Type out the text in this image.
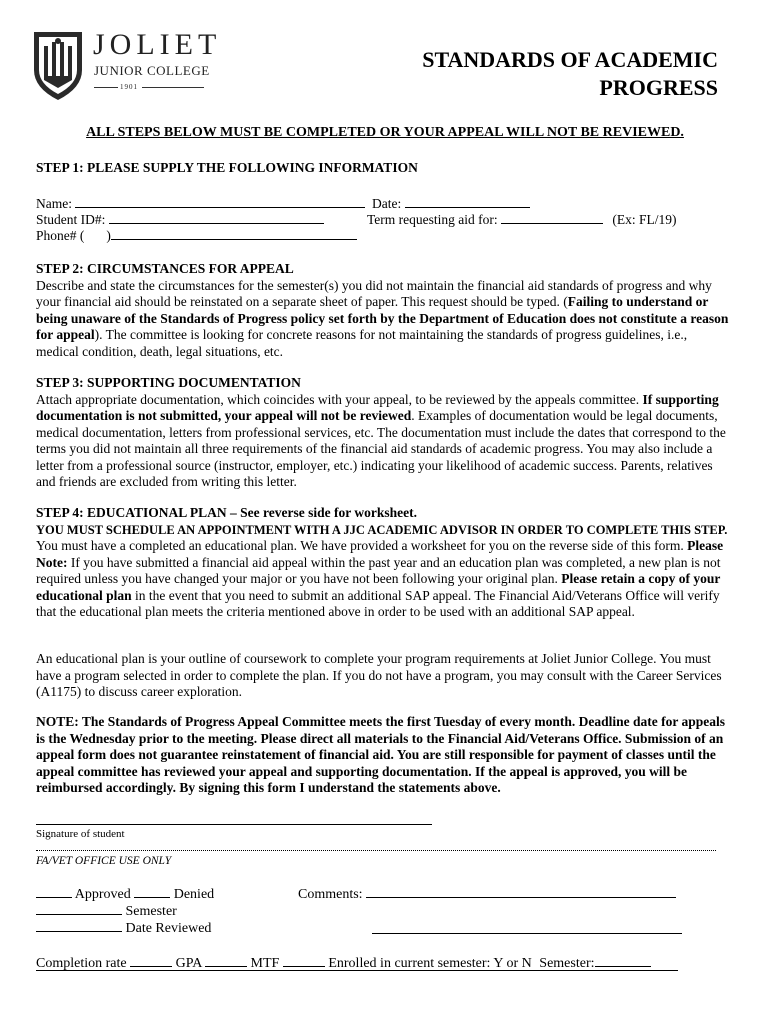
JOLIET
JUNIOR COLLEGE
1901
STANDARDS OF ACADEMIC
PROGRESS
ALL STEPS BELOW MUST BE COMPLETED OR YOUR APPEAL WILL NOT BE REVIEWED.
STEP 1: PLEASE SUPPLY THE FOLLOWING INFORMATION
Name:	Date:
Student ID#:	Term requesting aid for:	(Ex: FL/19)
Phone# ( )
STEP 2: CIRCUMSTANCES FOR APPEAL
Describe and state the circumstances for the semester(s) you did not maintain the financial aid standards of progress and why your financial aid should be reinstated on a separate sheet of paper. This request should be typed. (Failing to understand or being unaware of the Standards of Progress policy set forth by the Department of Education does not constitute a reason for appeal). The committee is looking for concrete reasons for not maintaining the standards of progress guidelines, i.e., medical condition, death, legal situations, etc.
STEP 3: SUPPORTING DOCUMENTATION
Attach appropriate documentation, which coincides with your appeal, to be reviewed by the appeals committee. If supporting documentation is not submitted, your appeal will not be reviewed. Examples of documentation would be legal documents, medical documentation, letters from professional services, etc. The documentation must include the dates that correspond to the terms you did not maintain all three requirements of the financial aid standards of academic progress. You may also include a letter from a professional source (instructor, employer, etc.) indicating your likelihood of academic success. Parents, relatives and friends are excluded from writing this letter.
STEP 4: EDUCATIONAL PLAN – See reverse side for worksheet.
YOU MUST SCHEDULE AN APPOINTMENT WITH A JJC ACADEMIC ADVISOR IN ORDER TO COMPLETE THIS STEP. You must have a completed an educational plan. We have provided a worksheet for you on the reverse side of this form. Please Note: If you have submitted a financial aid appeal within the past year and an education plan was completed, a new plan is not required unless you have changed your major or you have not been following your original plan. Please retain a copy of your educational plan in the event that you need to submit an additional SAP appeal. The Financial Aid/Veterans Office will verify that the educational plan meets the criteria mentioned above in order to be used with an additional SAP appeal.
An educational plan is your outline of coursework to complete your program requirements at Joliet Junior College. You must have a program selected in order to complete the plan. If you do not have a program, you may consult with the Career Services (A1175) to discuss career exploration.
NOTE: The Standards of Progress Appeal Committee meets the first Tuesday of every month. Deadline date for appeals is the Wednesday prior to the meeting. Please direct all materials to the Financial Aid/Veterans Office. Submission of an appeal form does not guarantee reinstatement of financial aid. You are still responsible for payment of classes until the appeal committee has reviewed your appeal and supporting documentation. If the appeal is approved, you will be reimbursed accordingly. By signing this form I understand the statements above.
Signature of student
FA/VET OFFICE USE ONLY
Approved	Denied	Comments:
Semester
Date Reviewed
Completion rate	GPA	MTF	Enrolled in current semester: Y or N Semester:
